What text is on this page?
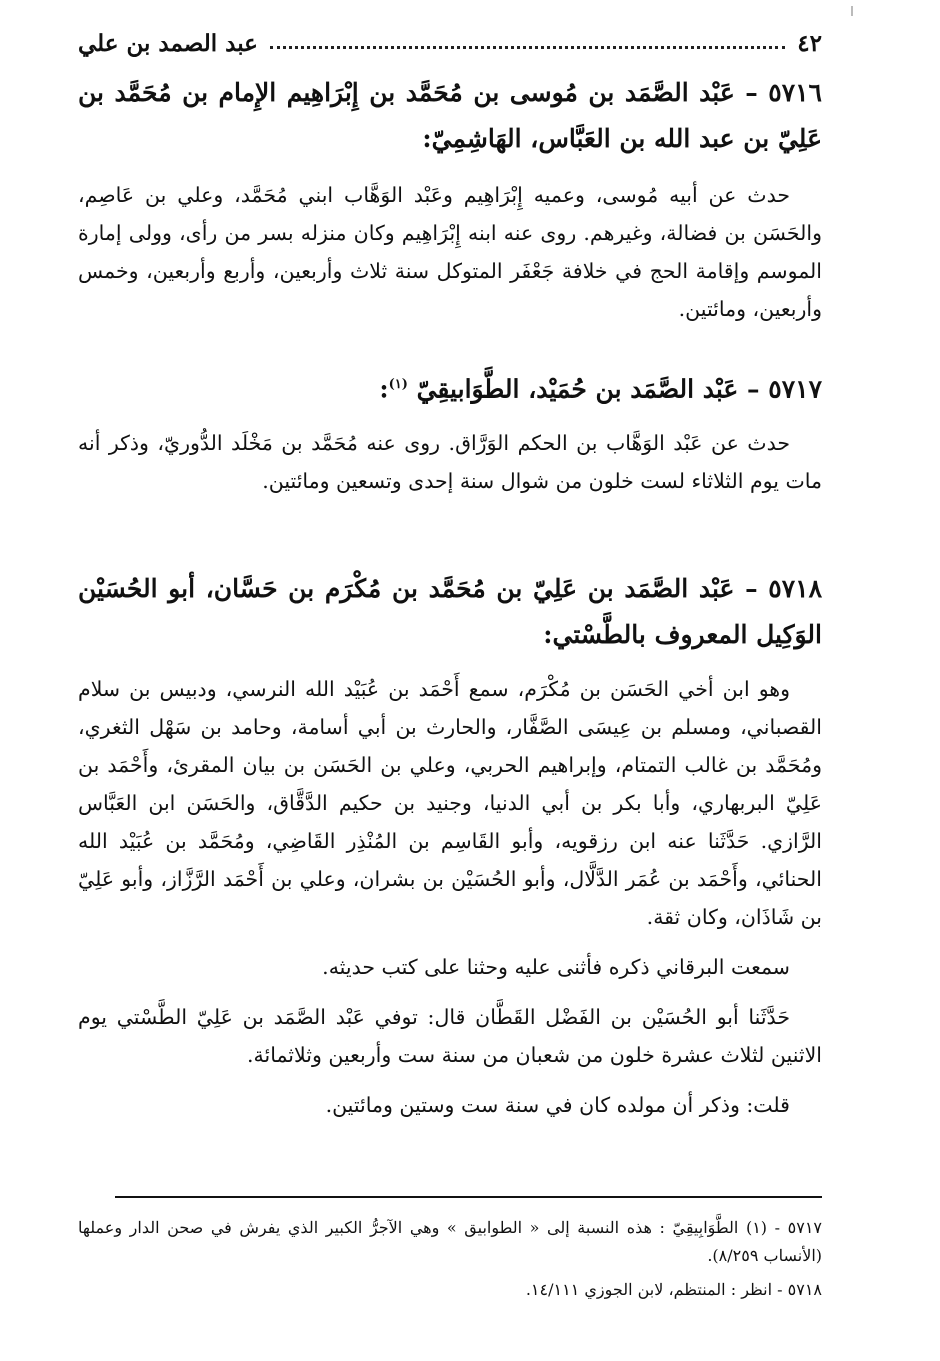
٤٢
عبد الصمد بن علي
٥٧١٦ – عَبْد الصَّمَد بن مُوسى بن مُحَمَّد بن إِبْرَاهِيم الإِمام بن مُحَمَّد بن عَلِيّ بن عبد الله بن العَبَّاس، الهَاشِمِيّ:
حدث عن أبيه مُوسى، وعميه إِبْرَاهِيم وعَبْد الوَهَّاب ابني مُحَمَّد، وعلي بن عَاصِم، والحَسَن بن فضالة، وغيرهم. روى عنه ابنه إِبْرَاهِيم وكان منزله بسر من رأى، وولى إمارة الموسم وإقامة الحج في خلافة جَعْفَر المتوكل سنة ثلاث وأربعين، وأربع وأربعين، وخمس وأربعين، ومائتين.
٥٧١٧ – عَبْد الصَّمَد بن حُمَيْد، الطَّوَابيقِيّ $^{(١)}$:
حدث عن عَبْد الوَهَّاب بن الحكم الوَرَّاق. روى عنه مُحَمَّد بن مَخْلَد الدُّوريّ، وذكر أنه مات يوم الثلاثاء لست خلون من شوال سنة إحدى وتسعين ومائتين.
٥٧١٨ – عَبْد الصَّمَد بن عَلِيّ بن مُحَمَّد بن مُكْرَم بن حَسَّان، أبو الحُسَيْن الوَكِيل المعروف بالطَّسْتي:
وهو ابن أخي الحَسَن بن مُكْرَم، سمع أَحْمَد بن عُبَيْد الله النرسي، ودبيس بن سلام القصباني، ومسلم بن عِيسَى الصَّفَّار، والحارث بن أبي أسامة، وحامد بن سَهْل الثغري، ومُحَمَّد بن غالب التمتام، وإبراهيم الحربي، وعلي بن الحَسَن بن بيان المقرئ، وأَحْمَد بن عَلِيّ البربهاري، وأبا بكر بن أبي الدنيا، وجنيد بن حكيم الدَّقَّاق، والحَسَن ابن العَبَّاس الرَّازي. حَدَّثَنا عنه ابن رزقويه، وأبو القَاسِم بن المُنْذِر القَاضِي، ومُحَمَّد بن عُبَيْد الله الحنائي، وأَحْمَد بن عُمَر الدَّلَّال، وأبو الحُسَيْن بن بشران، وعلي بن أَحْمَد الرَّزَّاز، وأبو عَلِيّ بن شَاذَان، وكان ثقة.
سمعت البرقاني ذكره فأثنى عليه وحثنا على كتب حديثه.
حَدَّثَنا أبو الحُسَيْن بن الفَضْل القَطَّان قال: توفي عَبْد الصَّمَد بن عَلِيّ الطَّسْتي يوم الاثنين لثلاث عشرة خلون من شعبان من سنة ست وأربعين وثلاثمائة.
قلت: وذكر أن مولده كان في سنة ست وستين ومائتين.
٥٧١٧ - (١) الطَّوَابِيقِيّ : هذه النسبة إلى « الطوابيق » وهي الآجرُّ الكبير الذي يفرش في صحن الدار وعملها (الأنساب ٨/٢٥٩).
٥٧١٨ - انظر : المنتظم، لابن الجوزي ١٤/١١١.
